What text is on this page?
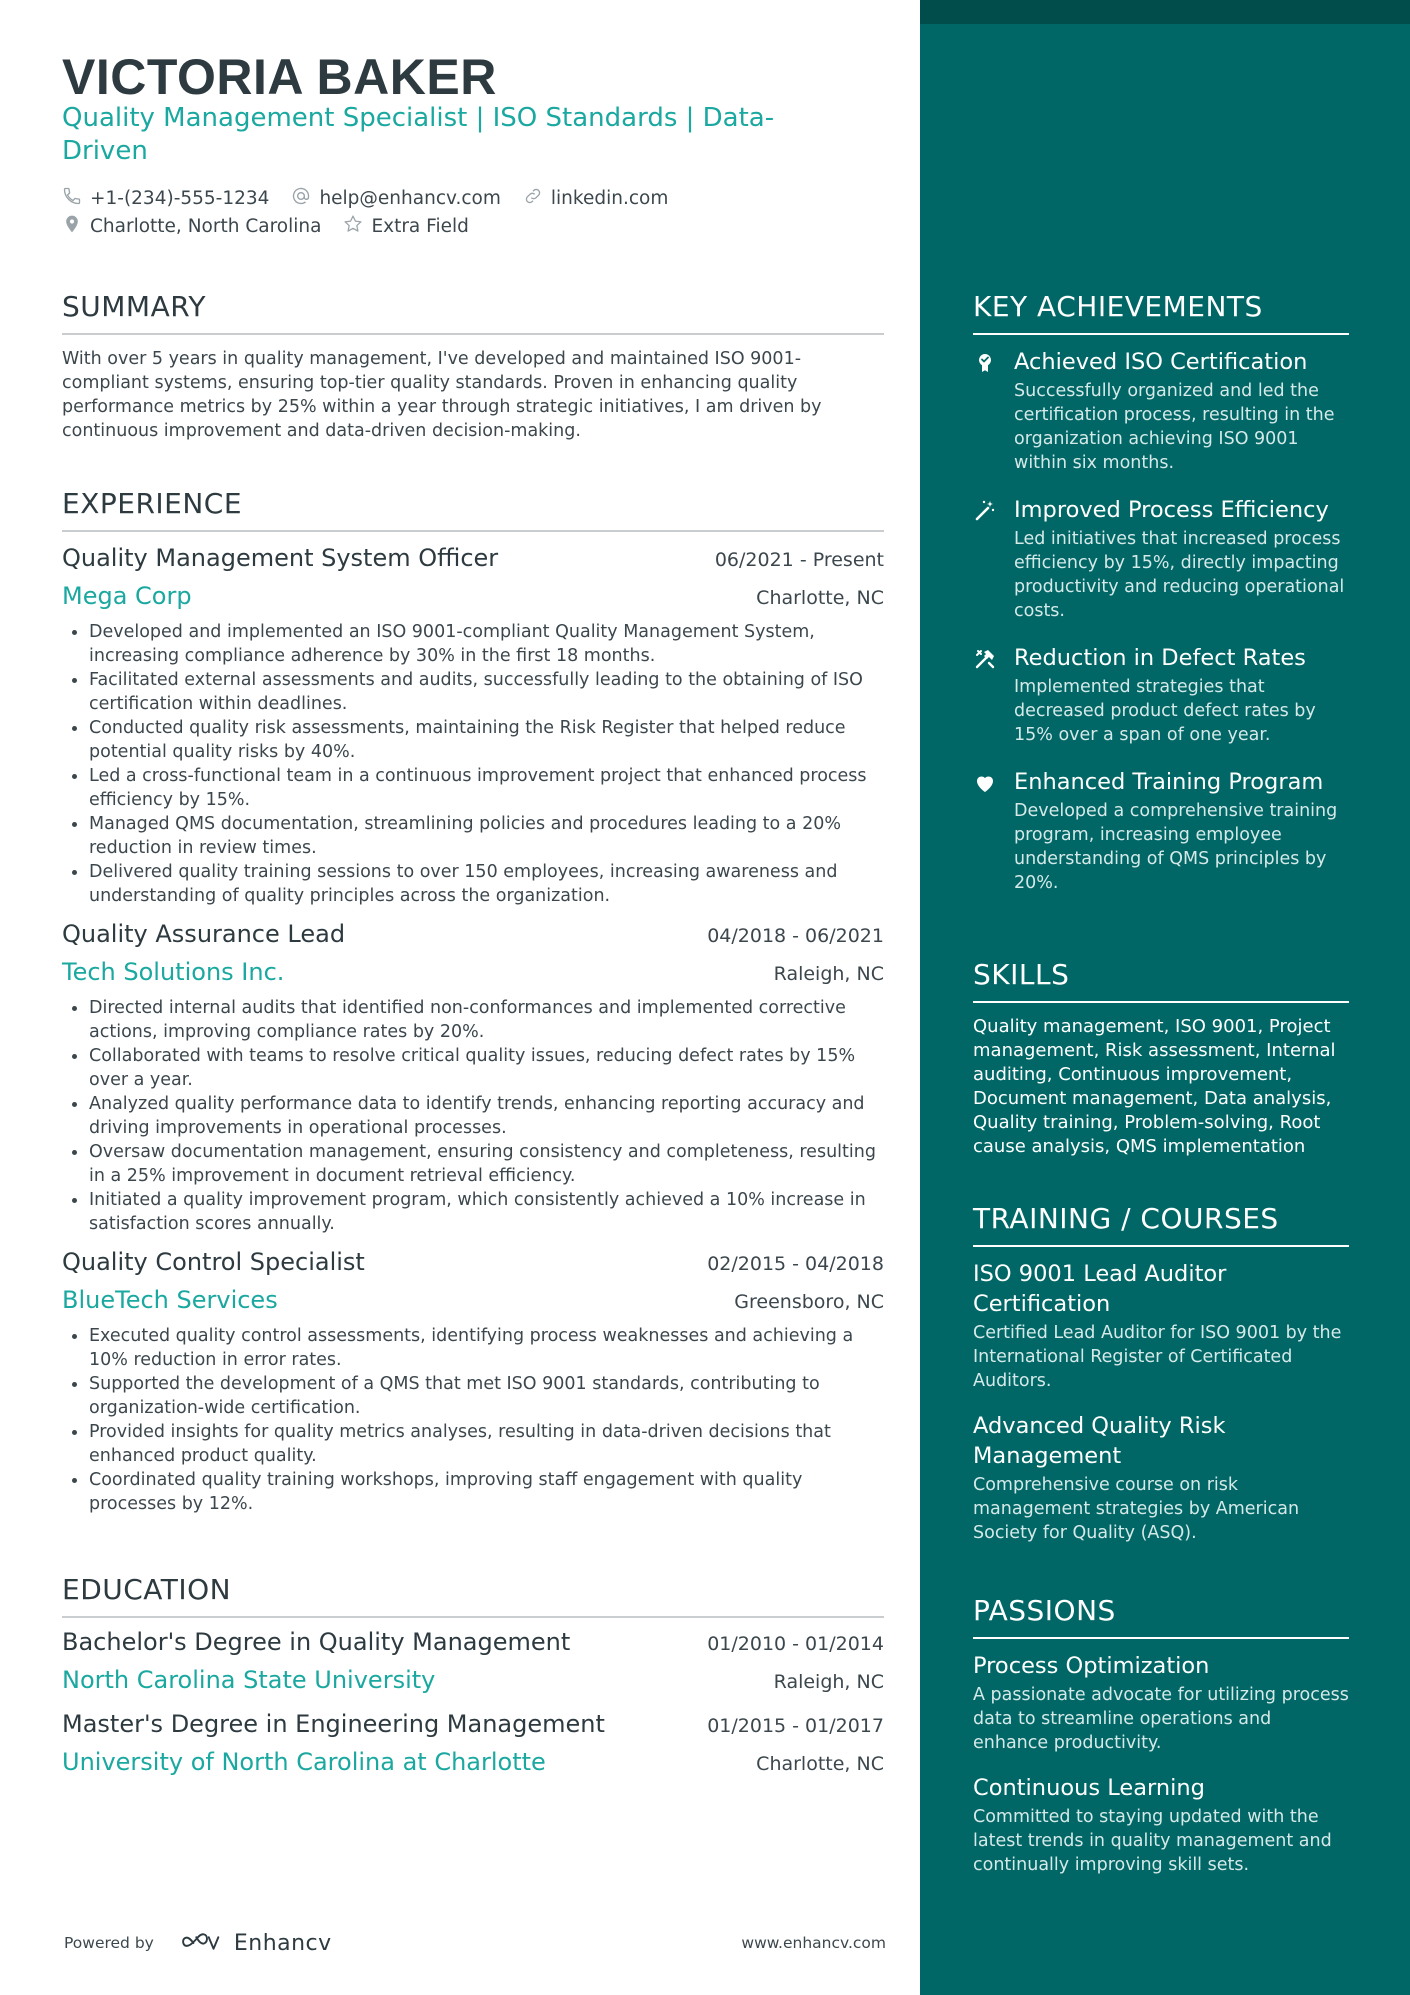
VICTORIA BAKER
Quality Management Specialist | ISO Standards | Data-Driven
+1-(234)-555-1234	help@enhancv.com	linkedin.com
Charlotte, North Carolina	Extra Field
SUMMARY
With over 5 years in quality management, I've developed and maintained ISO 9001-compliant systems, ensuring top-tier quality standards. Proven in enhancing quality performance metrics by 25% within a year through strategic initiatives, I am driven by continuous improvement and data-driven decision-making.
EXPERIENCE
Quality Management System Officer	06/2021 - Present
Mega Corp	Charlotte, NC
Developed and implemented an ISO 9001-compliant Quality Management System, increasing compliance adherence by 30% in the first 18 months.
Facilitated external assessments and audits, successfully leading to the obtaining of ISO certification within deadlines.
Conducted quality risk assessments, maintaining the Risk Register that helped reduce potential quality risks by 40%.
Led a cross-functional team in a continuous improvement project that enhanced process efficiency by 15%.
Managed QMS documentation, streamlining policies and procedures leading to a 20% reduction in review times.
Delivered quality training sessions to over 150 employees, increasing awareness and understanding of quality principles across the organization.
Quality Assurance Lead	04/2018 - 06/2021
Tech Solutions Inc.	Raleigh, NC
Directed internal audits that identified non-conformances and implemented corrective actions, improving compliance rates by 20%.
Collaborated with teams to resolve critical quality issues, reducing defect rates by 15% over a year.
Analyzed quality performance data to identify trends, enhancing reporting accuracy and driving improvements in operational processes.
Oversaw documentation management, ensuring consistency and completeness, resulting in a 25% improvement in document retrieval efficiency.
Initiated a quality improvement program, which consistently achieved a 10% increase in satisfaction scores annually.
Quality Control Specialist	02/2015 - 04/2018
BlueTech Services	Greensboro, NC
Executed quality control assessments, identifying process weaknesses and achieving a 10% reduction in error rates.
Supported the development of a QMS that met ISO 9001 standards, contributing to organization-wide certification.
Provided insights for quality metrics analyses, resulting in data-driven decisions that enhanced product quality.
Coordinated quality training workshops, improving staff engagement with quality processes by 12%.
EDUCATION
Bachelor's Degree in Quality Management	01/2010 - 01/2014
North Carolina State University	Raleigh, NC
Master's Degree in Engineering Management	01/2015 - 01/2017
University of North Carolina at Charlotte	Charlotte, NC
Powered by	Enhancv	www.enhancv.com
KEY ACHIEVEMENTS
Achieved ISO Certification
Successfully organized and led the certification process, resulting in the organization achieving ISO 9001 within six months.
Improved Process Efficiency
Led initiatives that increased process efficiency by 15%, directly impacting productivity and reducing operational costs.
Reduction in Defect Rates
Implemented strategies that decreased product defect rates by 15% over a span of one year.
Enhanced Training Program
Developed a comprehensive training program, increasing employee understanding of QMS principles by 20%.
SKILLS
Quality management, ISO 9001, Project management, Risk assessment, Internal auditing, Continuous improvement, Document management, Data analysis, Quality training, Problem-solving, Root cause analysis, QMS implementation
TRAINING / COURSES
ISO 9001 Lead Auditor Certification
Certified Lead Auditor for ISO 9001 by the International Register of Certificated Auditors.
Advanced Quality Risk Management
Comprehensive course on risk management strategies by American Society for Quality (ASQ).
PASSIONS
Process Optimization
A passionate advocate for utilizing process data to streamline operations and enhance productivity.
Continuous Learning
Committed to staying updated with the latest trends in quality management and continually improving skill sets.
